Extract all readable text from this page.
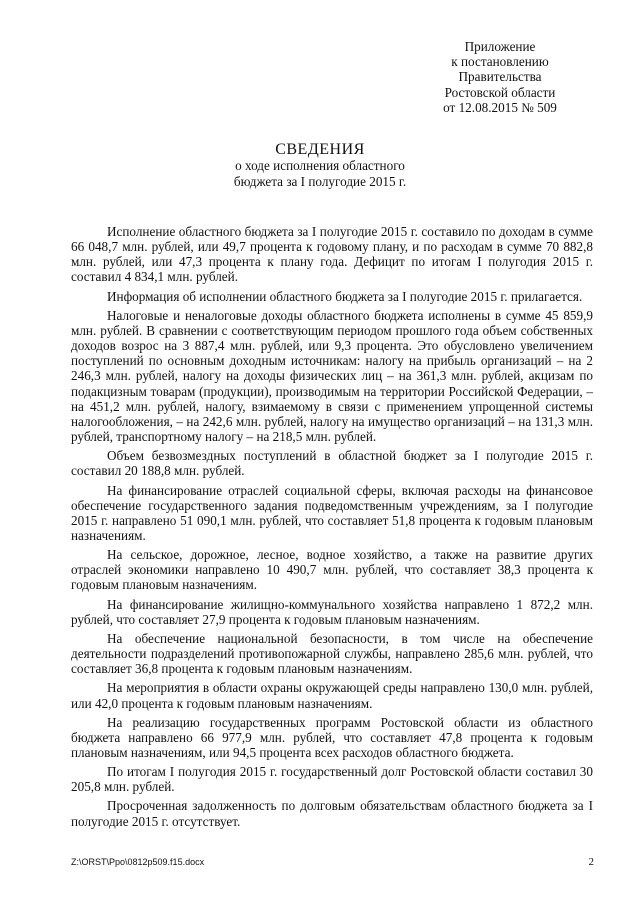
Приложение
к постановлению
Правительства
Ростовской области
от 12.08.2015 № 509
СВЕДЕНИЯ
о ходе исполнения областного
бюджета за I полугодие 2015 г.

Исполнение областного бюджета за I полугодие 2015 г. составило по доходам в сумме 66 048,7 млн. рублей, или 49,7 процента к годовому плану, и по расходам в сумме 70 882,8 млн. рублей, или 47,3 процента к плану года. Дефицит по итогам I полугодия 2015 г. составил 4 834,1 млн. рублей.

Информация об исполнении областного бюджета за I полугодие 2015 г. прилагается.

Налоговые и неналоговые доходы областного бюджета исполнены в сумме 45 859,9 млн. рублей. В сравнении с соответствующим периодом прошлого года объем собственных доходов возрос на 3 887,4 млн. рублей, или 9,3 процента. Это обусловлено увеличением поступлений по основным доходным источникам: налогу на прибыль организаций – на 2 246,3 млн. рублей, налогу на доходы физических лиц – на 361,3 млн. рублей, акцизам по подакцизным товарам (продукции), производимым на территории Российской Федерации, – на 451,2 млн. рублей, налогу, взимаемому в связи с применением упрощенной системы налогообложения, – на 242,6 млн. рублей, налогу на имущество организаций – на 131,3 млн. рублей, транспортному налогу – на 218,5 млн. рублей.

Объем безвозмездных поступлений в областной бюджет за I полугодие 2015 г. составил 20 188,8 млн. рублей.

На финансирование отраслей социальной сферы, включая расходы на финансовое обеспечение государственного задания подведомственным учреждениям, за I полугодие 2015 г. направлено 51 090,1 млн. рублей, что составляет 51,8 процента к годовым плановым назначениям.

На сельское, дорожное, лесное, водное хозяйство, а также на развитие других отраслей экономики направлено 10 490,7 млн. рублей, что составляет 38,3 процента к годовым плановым назначениям.

На финансирование жилищно-коммунального хозяйства направлено 1 872,2 млн. рублей, что составляет 27,9 процента к годовым плановым назначениям.

На обеспечение национальной безопасности, в том числе на обеспечение деятельности подразделений противопожарной службы, направлено 285,6 млн. рублей, что составляет 36,8 процента к годовым плановым назначениям.

На мероприятия в области охраны окружающей среды направлено 130,0 млн. рублей, или 42,0 процента к годовым плановым назначениям.

На реализацию государственных программ Ростовской области из областного бюджета направлено 66 977,9 млн. рублей, что составляет 47,8 процента к годовым плановым назначениям, или 94,5 процента всех расходов областного бюджета.

По итогам I полугодия 2015 г. государственный долг Ростовской области составил 30 205,8 млн. рублей.

Просроченная задолженность по долговым обязательствам областного бюджета за I полугодие 2015 г. отсутствует.

Z:\ORST\Ppo\0812p509.f15.docx	2
